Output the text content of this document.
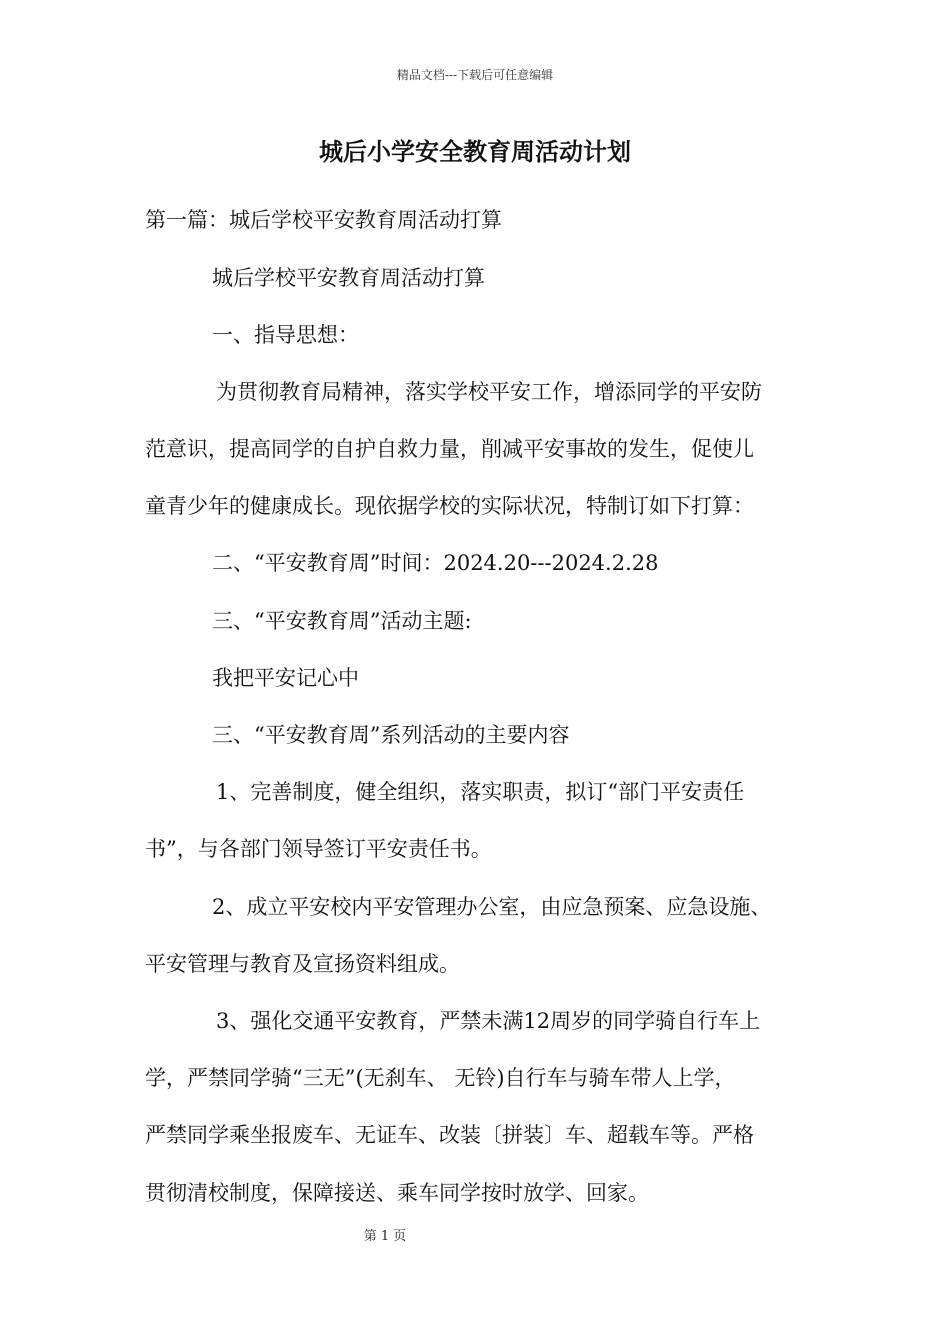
精品文档---下载后可任意编辑
城后小学安全教育周活动计划
第一篇：城后学校平安教育周活动打算
城后学校平安教育周活动打算
一、指导思想：
为贯彻教育局精神，落实学校平安工作，增添同学的平安防
范意识，提高同学的自护自救力量，削减平安事故的发生，促使儿
童青少年的健康成长。现依据学校的实际状况，特制订如下打算：
二、“平安教育周”时间：2024.20---2024.2.28
三、“平安教育周”活动主题:
我把平安记心中
三、“平安教育周”系列活动的主要内容
1、完善制度，健全组织，落实职责，拟订“部门平安责任
书”，与各部门领导签订平安责任书。
2、成立平安校内平安管理办公室，由应急预案、应急设施、
平安管理与教育及宣扬资料组成。
3、强化交通平安教育，严禁未满12周岁的同学骑自行车上
学，严禁同学骑“三无”(无刹车、 无铃)自行车与骑车带人上学，
严禁同学乘坐报废车、无证车、改装〔拼装〕车、超载车等。严格
贯彻清校制度，保障接送、乘车同学按时放学、回家。
第 1 页
